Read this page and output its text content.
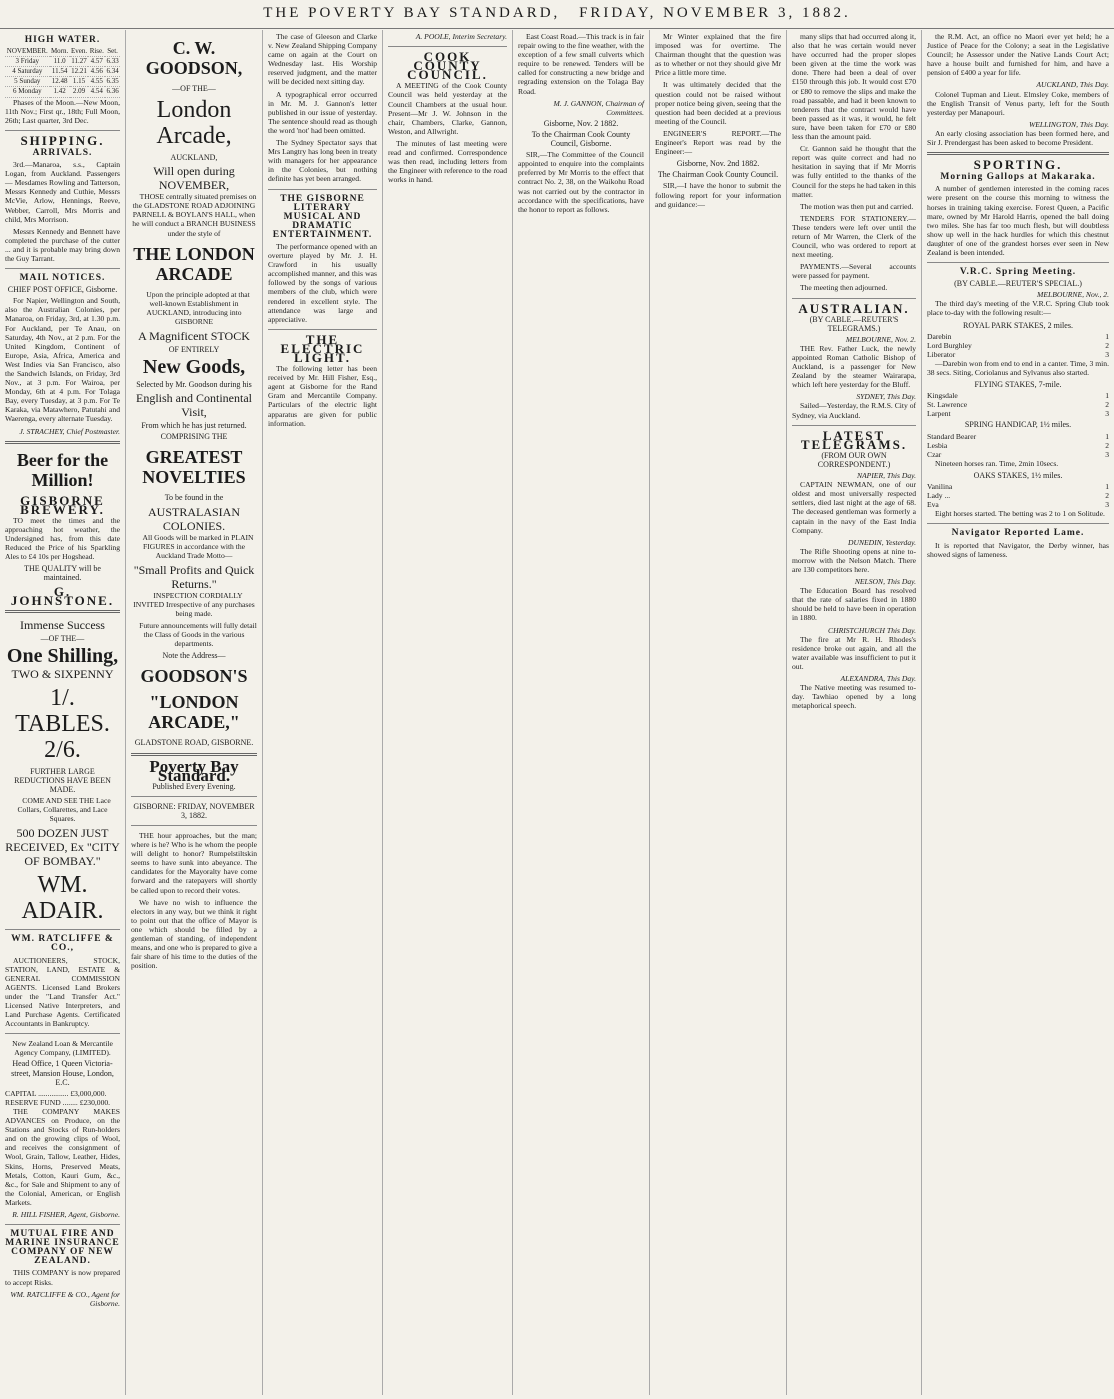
THE POVERTY BAY STANDARD, FRIDAY, NOVEMBER 3, 1882.
HIGH WATER.
NOVEMBER.	Morn.	Even.	Rise.	Set.
3 Friday	11.0	11.27	4.57	6.33
4 Saturday	11.54	12.21	4.56	6.34
5 Sunday	12.48	1.15	4.55	6.35
6 Monday	1.42	2.09	4.54	6.36

Phases of the Moon.—New Moon, 11th Nov.; First qr., 18th; Full Moon, 26th; Last quarter, 3rd Dec.

SHIPPING.
ARRIVALS.

3rd.—Manaroa, s.s., Captain Logan, from Auckland. Passengers — Mesdames Rowling and Tatterson, Messrs Kennedy and Cuthie, Messrs McVie, Arlow, Hennings, Reeve, Webber, Carroll, Mrs Morris and child, Mrs Morrison.

Messrs Kennedy and Bennett have completed the purchase of the cutter ... and it is probable may bring down the Guy Tarrant.

MAIL NOTICES.
CHIEF POST OFFICE, Gisborne.

For Napier, Wellington and South, also the Australian Colonies, per Manaroa, on Friday, 3rd, at 1.30 p.m. For Auckland, per Te Anau, on Saturday, 4th Nov., at 2 p.m. For the United Kingdom, Continent of Europe, Asia, Africa, America and West Indies via San Francisco, also the Sandwich Islands, on Friday, 3rd Nov., at 3 p.m. For Wairoa, per Monday, 6th at 4 p.m. For Tolaga Bay, every Tuesday, at 3 p.m. For Te Karaka, via Matawhero, Patutahi and Waerenga, every alternate Tuesday.

J. STRACHEY, Chief Postmaster.
Beer for the Million!
GISBORNE BREWERY.

TO meet the times and the approaching hot weather, the Undersigned has, from this date Reduced the Price of his Sparkling Ales to £4 10s per Hogshead.

THE QUALITY will be maintained.
G. JOHNSTONE.
Immense Success
—OF THE—
One Shilling,
TWO & SIXPENNY
1/. TABLES. 2/6.
FURTHER LARGE REDUCTIONS HAVE BEEN MADE.

COME AND SEE THE Lace Collars, Collarettes, and Lace Squares.

500 DOZEN JUST RECEIVED, Ex "CITY OF BOMBAY."
WM. ADAIR.
WM. RATCLIFFE & CO.,

AUCTIONEERS, STOCK, STATION, LAND, ESTATE & GENERAL COMMISSION AGENTS. Licensed Land Brokers under the "Land Transfer Act." Licensed Native Interpreters, and Land Purchase Agents. Certificated Accountants in Bankruptcy.

New Zealand Loan & Mercantile Agency Company, (LIMITED).
Head Office, 1 Queen Victoria-street, Mansion House, London, E.C.
CAPITAL ................ £3,000,000.
RESERVE FUND ........ £230,000.

THE COMPANY MAKES ADVANCES on Produce, on the Stations and Stocks of Run-holders and on the growing clips of Wool, and receives the consignment of Wool, Grain, Tallow, Leather, Hides, Skins, Horns, Preserved Meats, Metals, Cotton, Kauri Gum, &c., &c., for Sale and Shipment to any of the Colonial, American, or English Markets.

R. HILL FISHER, Agent, Gisborne.
MUTUAL FIRE AND MARINE INSURANCE COMPANY OF NEW ZEALAND.

THIS COMPANY is now prepared to accept Risks.

WM. RATCLIFFE & CO., Agent for Gisborne.
C. W. GOODSON,
—OF THE—
London Arcade,
AUCKLAND,
Will open during NOVEMBER,

THOSE centrally situated premises on the GLADSTONE ROAD ADJOINING PARNELL & BOYLAN'S HALL, when he will conduct a BRANCH BUSINESS under the style of

THE LONDON ARCADE

Upon the principle adopted at that well-known Establishment in AUCKLAND, introducing into GISBORNE

A Magnificent STOCK
OF ENTIRELY
New Goods,
Selected by Mr. Goodson during his
English and Continental Visit,
From which he has just returned.
COMPRISING THE
GREATEST NOVELTIES
To be found in the
AUSTRALASIAN COLONIES.

All Goods will be marked in PLAIN FIGURES in accordance with the Auckland Trade Motto—

"Small Profits and Quick Returns."

INSPECTION CORDIALLY INVITED Irrespective of any purchases being made.

Future announcements will fully detail the Class of Goods in the various departments.

Note the Address—
GOODSON'S
"LONDON ARCADE,"
GLADSTONE ROAD, GISBORNE.
Poverty Bay Standard.
Published Every Evening.
GISBORNE: FRIDAY, NOVEMBER 3, 1882.

THE hour approaches, but the man; where is he? Who is he whom the people will delight to honor? Rumpelstiltskin seems to have sunk into abeyance. The candidates for the Mayoralty have come forward and the ratepayers will shortly be called upon to record their votes.

We have no wish to influence the electors in any way, but we think it right to point out that the office of Mayor is one which should be filled by a gentleman of standing, of independent means, and one who is prepared to give a fair share of his time to the duties of the position.

The case of Gleeson and Clarke v. New Zealand Shipping Company came on again at the Court on Wednesday last. His Worship reserved judgment, and the matter will be decided next sitting day.

A typographical error occurred in Mr. M. J. Gannon's letter published in our issue of yesterday. The sentence should read as though the word 'not' had been omitted.

The Sydney Spectator says that Mrs Langtry has long been in treaty with managers for her appearance in the Colonies, but nothing definite has yet been arranged.

THE GISBORNE LITERARY MUSICAL AND DRAMATIC ENTERTAINMENT.

The performance opened with an overture played by Mr. J. H. Crawford in his usually accomplished manner, and this was followed by the songs of various members of the club, which were rendered in excellent style. The attendance was large and appreciative.

THE ELECTRIC LIGHT.

The following letter has been received by Mr. Hill Fisher, Esq., agent at Gisborne for the Rand Gram and Mercantile Company. Particulars of the electric light apparatus are given for public information.

A. POOLE, Interim Secretary.
COOK COUNTY COUNCIL.

A MEETING of the Cook County Council was held yesterday at the Council Chambers at the usual hour. Present—Mr J. W. Johnson in the chair, Chambers, Clarke, Gannon, Weston, and Allwright.

The minutes of last meeting were read and confirmed. Correspondence was then read, including letters from the Engineer with reference to the road works in hand.

East Coast Road.—This track is in fair repair owing to the fine weather, with the exception of a few small culverts which require to be renewed. Tenders will be called for constructing a new bridge and regrading extension on the Tolaga Bay Road.

M. J. GANNON, Chairman of Committees.
Gisborne, Nov. 2 1882.
To the Chairman Cook County Council, Gisborne.

SIR,—The Committee of the Council appointed to enquire into the complaints preferred by Mr Morris to the effect that contract No. 2, 38, on the Waikohu Road was not carried out by the contractor in accordance with the specifications, have the honor to report as follows.

Mr Winter explained that the fire imposed was for overtime. The Chairman thought that the question was as to whether or not they should give Mr Price a little more time.

It was ultimately decided that the question could not be raised without proper notice being given, seeing that the question had been decided at a previous meeting of the Council.

ENGINEER'S REPORT.—The Engineer's Report was read by the Engineer:—

Gisborne, Nov. 2nd 1882.
The Chairman Cook County Council.

SIR,—I have the honor to submit the following report for your information and guidance:—

many slips that had occurred along it, also that he was certain would never have occurred had the proper slopes been given at the time the work was done. There had been a deal of over £150 through this job. It would cost £70 or £80 to remove the slips and make the road passable, and had it been known to tenderers that the contract would have been passed as it was, it would, he felt sure, have been taken for £70 or £80 less than the amount paid.

Cr. Gannon said he thought that the report was quite correct and had no hesitation in saying that if Mr Morris was fully entitled to the thanks of the Council for the steps he had taken in this matter.

The motion was then put and carried.

TENDERS FOR STATIONERY.—These tenders were left over until the return of Mr Warren, the Clerk of the Council, who was ordered to report at next meeting.

PAYMENTS.—Several accounts were passed for payment.

The meeting then adjourned.

AUSTRALIAN.
(BY CABLE.—REUTER'S TELEGRAMS.)
MELBOURNE, Nov. 2.

THE Rev. Father Luck, the newly appointed Roman Catholic Bishop of Auckland, is a passenger for New Zealand by the steamer Wairarapa, which left here yesterday for the Bluff.

SYDNEY, This Day.

Sailed—Yesterday, the R.M.S. City of Sydney, via Auckland.

LATEST TELEGRAMS.
(FROM OUR OWN CORRESPONDENT.)
NAPIER, This Day.

CAPTAIN NEWMAN, one of our oldest and most universally respected settlers, died last night at the age of 68. The deceased gentleman was formerly a captain in the navy of the East India Company.

DUNEDIN, Yesterday.

The Rifle Shooting opens at nine to-morrow with the Nelson Match. There are 130 competitors here.

NELSON, This Day.

The Education Board has resolved that the rate of salaries fixed in 1880 should be held to have been in operation in 1880.

CHRISTCHURCH This Day.

The fire at Mr R. H. Rhodes's residence broke out again, and all the water available was insufficient to put it out.

ALEXANDRA, This Day.

The Native meeting was resumed to-day. Tawhiao opened by a long metaphorical speech.

the R.M. Act, an office no Maori ever yet held; he a Justice of Peace for the Colony; a seat in the Legislative Council; he Assessor under the Native Lands Court Act; have a house built and furnished for him, and have a pension of £400 a year for life.

AUCKLAND, This Day.

Colonel Tupman and Lieut. Elmsley Coke, members of the English Transit of Venus party, left for the South yesterday per Manapouri.

WELLINGTON, This Day.

An early closing association has been formed here, and Sir J. Prendergast has been asked to become President.

SPORTING.
Morning Gallops at Makaraka.

A number of gentlemen interested in the coming races were present on the course this morning to witness the horses in training taking exercise. Forest Queen, a Pacific mare, owned by Mr Harold Harris, opened the ball doing two miles. She has far too much flesh, but will doubtless show up well in the hack hurdles for which this chestnut daughter of one of the grandest horses ever seen in New Zealand is been intended.

V.R.C. Spring Meeting.
(BY CABLE.—REUTER'S SPECIAL.)
MELBOURNE, Nov., 2.

The third day's meeting of the V.R.C. Spring Club took place to-day with the following result:—

ROYAL PARK STAKES, 2 miles.
Darebin	1
Lord Burghley	2
Liberator	3

—Darebin won from end to end in a canter. Time, 3 min. 38 secs. Siting, Coriolanus and Sylvanus also started.

FLYING STAKES, 7-mile.
Kingsdale	1
St. Lawrence	2
Larpent	3
SPRING HANDICAP, 1½ miles.
Standard Bearer	1
Lesbia	2
Czar	3

Nineteen horses ran. Time, 2min 10secs.

OAKS STAKES, 1½ miles.
Vanilina	1
Lady ...	2
Eva	3

Eight horses started. The betting was 2 to 1 on Solitude.

Navigator Reported Lame.

It is reported that Navigator, the Derby winner, has showed signs of lameness.
